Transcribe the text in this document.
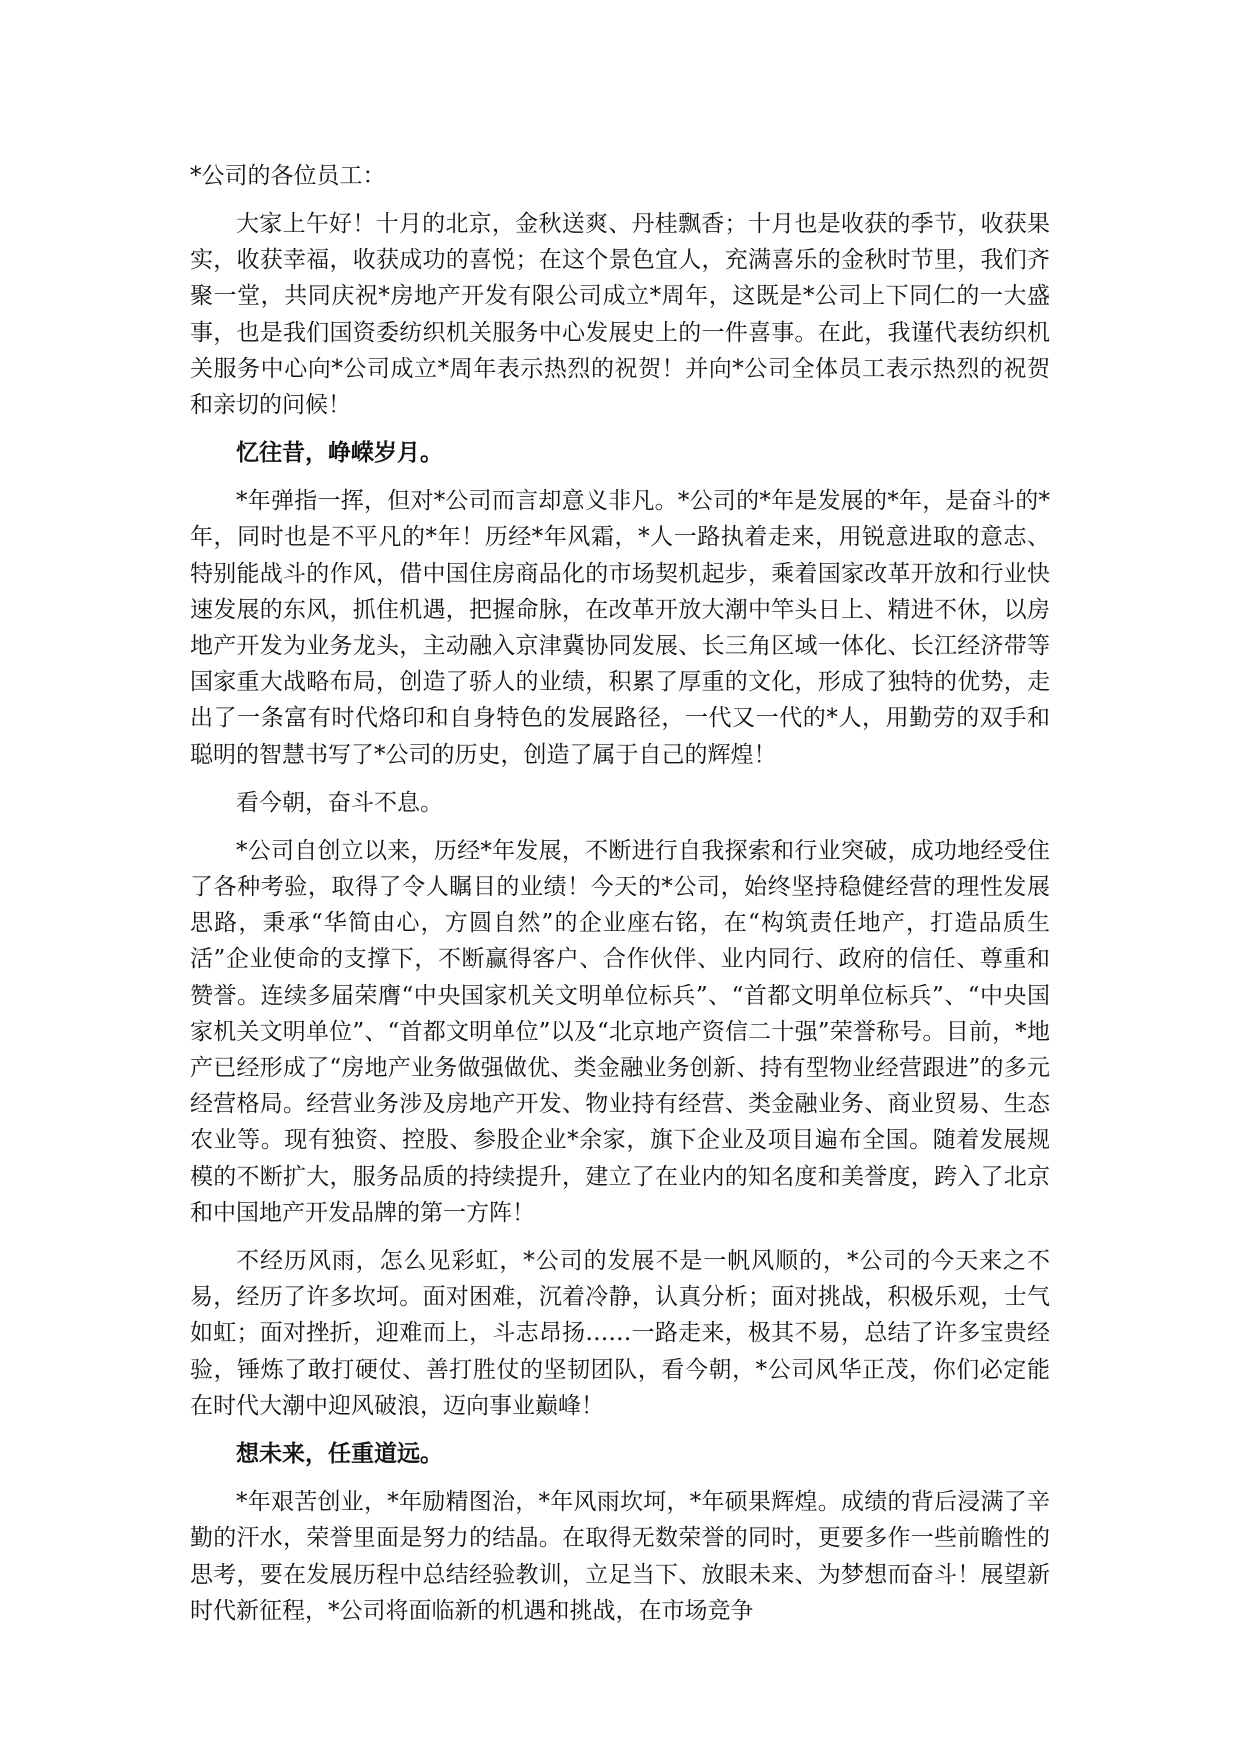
*公司的各位员工：

大家上午好！十月的北京，金秋送爽、丹桂飘香；十月也是收获的季节，收获果实，收获幸福，收获成功的喜悦；在这个景色宜人，充满喜乐的金秋时节里，我们齐聚一堂，共同庆祝*房地产开发有限公司成立*周年，这既是*公司上下同仁的一大盛事，也是我们国资委纺织机关服务中心发展史上的一件喜事。在此，我谨代表纺织机关服务中心向*公司成立*周年表示热烈的祝贺！并向*公司全体员工表示热烈的祝贺和亲切的问候！

忆往昔，峥嵘岁月。

*年弹指一挥，但对*公司而言却意义非凡。*公司的*年是发展的*年，是奋斗的*年，同时也是不平凡的*年！历经*年风霜，*人一路执着走来，用锐意进取的意志、特别能战斗的作风，借中国住房商品化的市场契机起步，乘着国家改革开放和行业快速发展的东风，抓住机遇，把握命脉，在改革开放大潮中竿头日上、精进不休，以房地产开发为业务龙头，主动融入京津冀协同发展、长三角区域一体化、长江经济带等国家重大战略布局，创造了骄人的业绩，积累了厚重的文化，形成了独特的优势，走出了一条富有时代烙印和自身特色的发展路径，一代又一代的*人，用勤劳的双手和聪明的智慧书写了*公司的历史，创造了属于自己的辉煌！

看今朝，奋斗不息。

*公司自创立以来，历经*年发展，不断进行自我探索和行业突破，成功地经受住了各种考验，取得了令人瞩目的业绩！今天的*公司，始终坚持稳健经营的理性发展思路，秉承“华简由心，方圆自然”的企业座右铭，在“构筑责任地产，打造品质生活”企业使命的支撑下，不断赢得客户、合作伙伴、业内同行、政府的信任、尊重和赞誉。连续多届荣膺“中央国家机关文明单位标兵”、“首都文明单位标兵”、“中央国家机关文明单位”、“首都文明单位”以及“北京地产资信二十强”荣誉称号。目前，*地产已经形成了“房地产业务做强做优、类金融业务创新、持有型物业经营跟进”的多元经营格局。经营业务涉及房地产开发、物业持有经营、类金融业务、商业贸易、生态农业等。现有独资、控股、参股企业*余家，旗下企业及项目遍布全国。随着发展规模的不断扩大，服务品质的持续提升，建立了在业内的知名度和美誉度，跨入了北京和中国地产开发品牌的第一方阵！

不经历风雨，怎么见彩虹，*公司的发展不是一帆风顺的，*公司的今天来之不易，经历了许多坎坷。面对困难，沉着冷静，认真分析；面对挑战，积极乐观，士气如虹；面对挫折，迎难而上，斗志昂扬……一路走来，极其不易，总结了许多宝贵经验，锤炼了敢打硬仗、善打胜仗的坚韧团队，看今朝，*公司风华正茂，你们必定能在时代大潮中迎风破浪，迈向事业巅峰！

想未来，任重道远。

*年艰苦创业，*年励精图治，*年风雨坎坷，*年硕果辉煌。成绩的背后浸满了辛勤的汗水，荣誉里面是努力的结晶。在取得无数荣誉的同时，更要多作一些前瞻性的思考，要在发展历程中总结经验教训，立足当下、放眼未来、为梦想而奋斗！展望新时代新征程，*公司将面临新的机遇和挑战，在市场竞争
